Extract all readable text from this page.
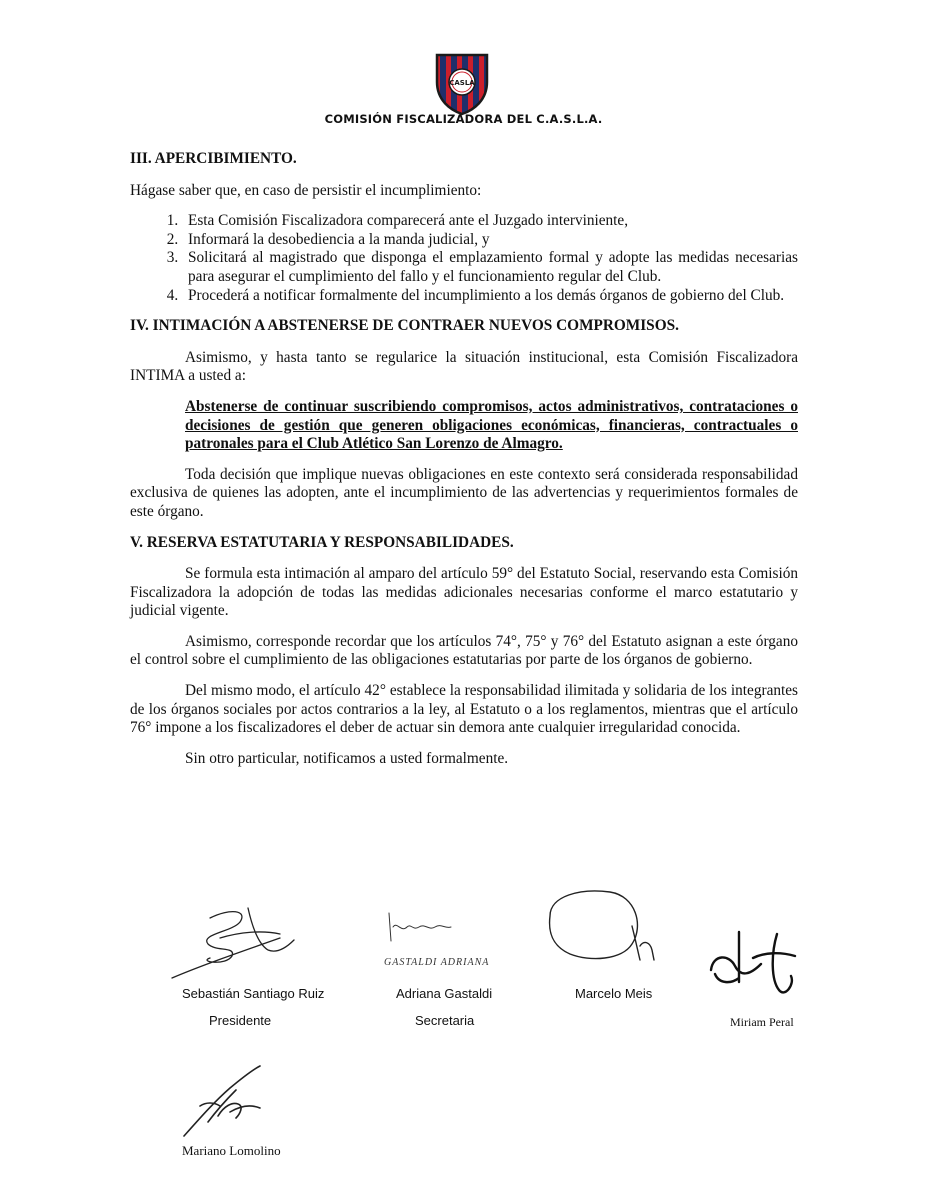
CASLA
COMISIÓN FISCALIZADORA DEL C.A.S.L.A.
III. APERCIBIMIENTO.

Hágase saber que, en caso de persistir el incumplimiento:

1. Esta Comisión Fiscalizadora comparecerá ante el Juzgado interviniente,
2. Informará la desobediencia a la manda judicial, y
3. Solicitará al magistrado que disponga el emplazamiento formal y adopte las medidas necesarias para asegurar el cumplimiento del fallo y el funcionamiento regular del Club.
4. Procederá a notificar formalmente del incumplimiento a los demás órganos de gobierno del Club.
IV. INTIMACIÓN A ABSTENERSE DE CONTRAER NUEVOS COMPROMISOS.

Asimismo, y hasta tanto se regularice la situación institucional, esta Comisión Fiscalizadora INTIMA a usted a:

Abstenerse de continuar suscribiendo compromisos, actos administrativos, contrataciones o decisiones de gestión que generen obligaciones económicas, financieras, contractuales o patronales para el Club Atlético San Lorenzo de Almagro.

Toda decisión que implique nuevas obligaciones en este contexto será considerada responsabilidad exclusiva de quienes las adopten, ante el incumplimiento de las advertencias y requerimientos formales de este órgano.

V. RESERVA ESTATUTARIA Y RESPONSABILIDADES.

Se formula esta intimación al amparo del artículo 59° del Estatuto Social, reservando esta Comisión Fiscalizadora la adopción de todas las medidas adicionales necesarias conforme el marco estatutario y judicial vigente.

Asimismo, corresponde recordar que los artículos 74°, 75° y 76° del Estatuto asignan a este órgano el control sobre el cumplimiento de las obligaciones estatutarias por parte de los órganos de gobierno.

Del mismo modo, el artículo 42° establece la responsabilidad ilimitada y solidaria de los integrantes de los órganos sociales por actos contrarios a la ley, al Estatuto o a los reglamentos, mientras que el artículo 76° impone a los fiscalizadores el deber de actuar sin demora ante cualquier irregularidad conocida.

Sin otro particular, notificamos a usted formalmente.

Sebastián Santiago Ruiz
Presidente
GASTALDI ADRIANA
Adriana Gastaldi
Secretaria
Marcelo Meis
Miriam Peral
Mariano Lomolino
